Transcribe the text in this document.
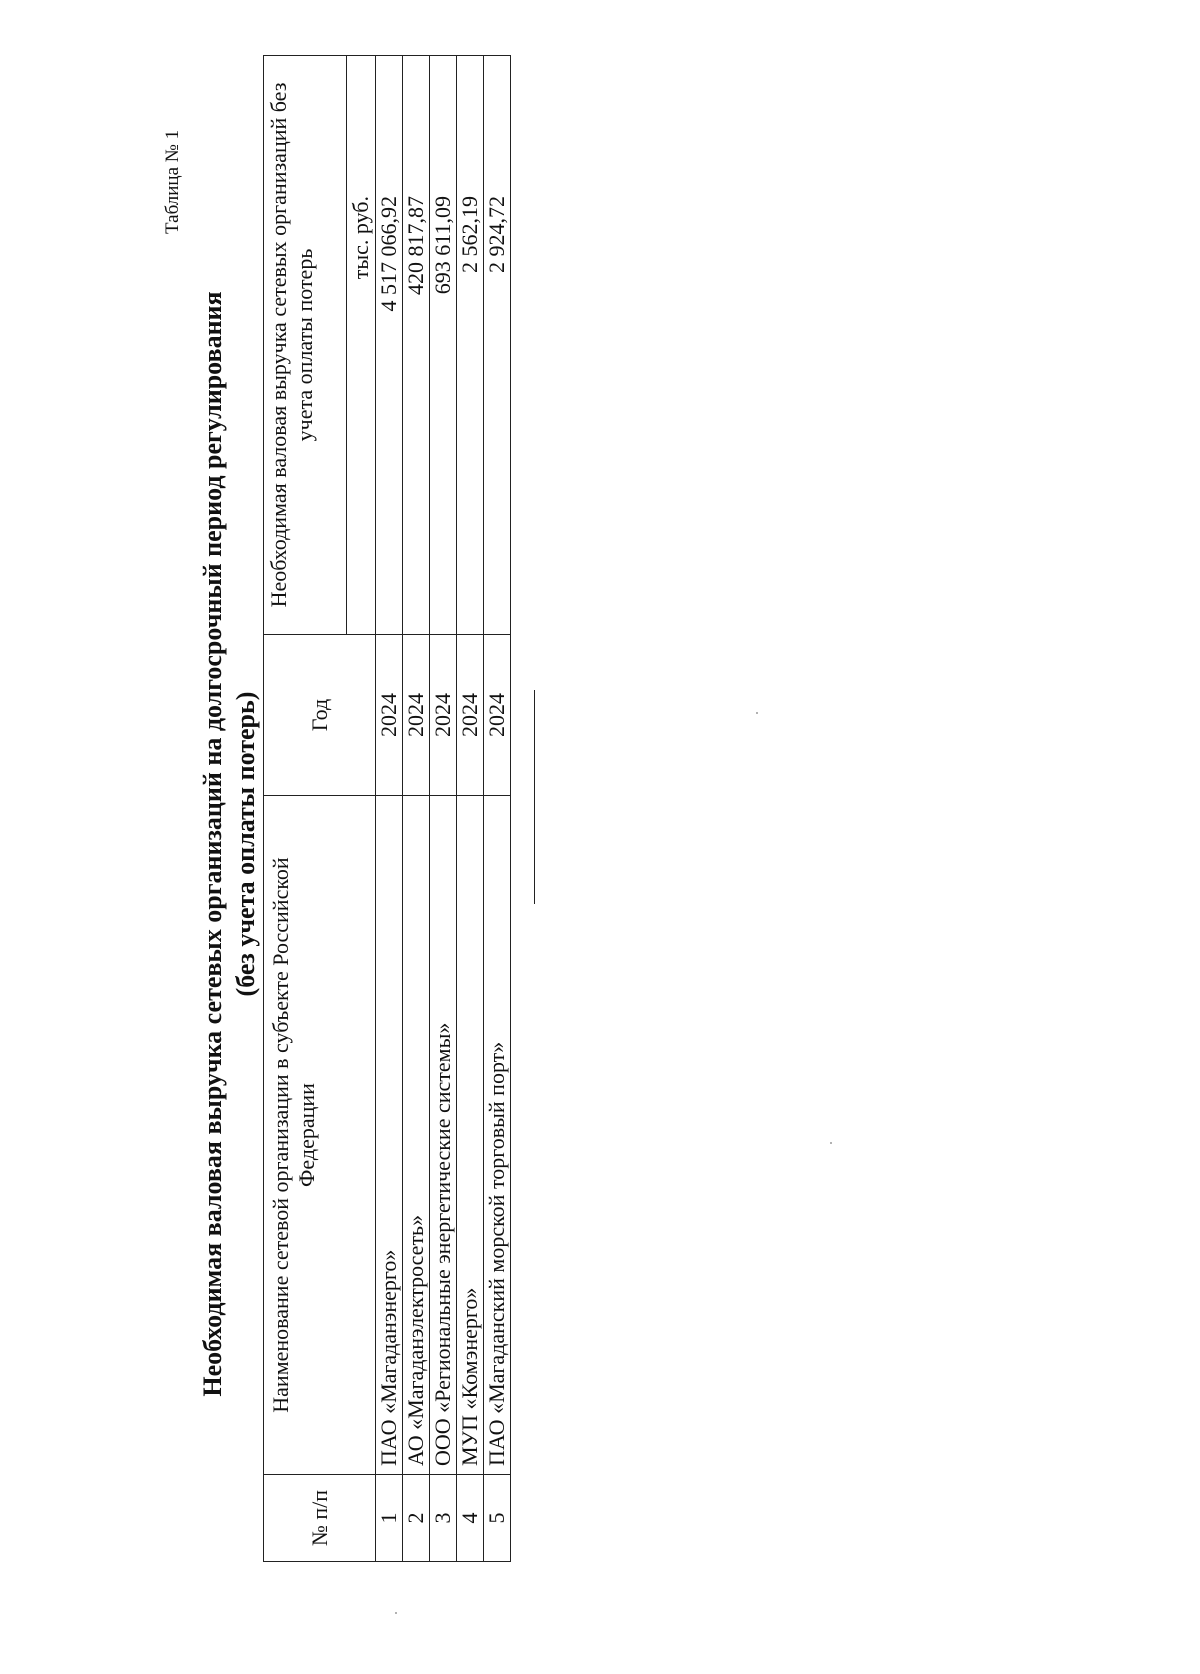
Таблица № 1
Необходимая валовая выручка сетевых организаций на долгосрочный период регулирования (без учета оплаты потерь)
№ п/п	Наименование сетевой организации в субъекте Российской Федерации	Год	Необходимая валовая выручка сетевых организаций без учета оплаты потерь
			тыс. руб.
1	ПАО «Магаданэнерго»	2024	4 517 066,92
2	АО «Магаданэлектросеть»	2024	420 817,87
3	ООО «Региональные энергетические системы»	2024	693 611,09
4	МУП «Комэнерго»	2024	2 562,19
5	ПАО «Магаданский морской торговый порт»	2024	2 924,72
